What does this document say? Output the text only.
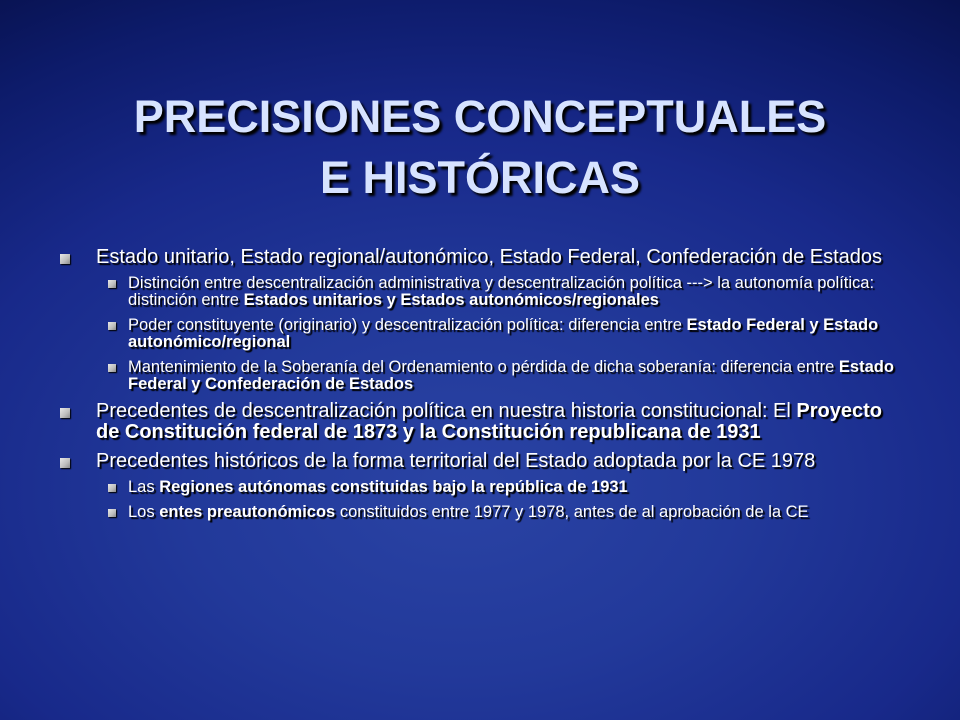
PRECISIONES CONCEPTUALES
E HISTÓRICAS
Estado unitario, Estado regional/autonómico, Estado Federal, Confederación de Estados
Distinción entre descentralización administrativa y descentralización política ---> la autonomía política: distinción entre Estados unitarios y Estados autonómicos/regionales
Poder constituyente (originario) y descentralización política: diferencia entre Estado Federal y Estado autonómico/regional
Mantenimiento de la Soberanía del Ordenamiento o pérdida de dicha soberanía: diferencia entre Estado Federal y Confederación de Estados
Precedentes de descentralización política en nuestra historia constitucional: El Proyecto de Constitución federal de 1873 y la Constitución republicana de 1931
Precedentes históricos de la forma territorial del Estado adoptada por la CE 1978
Las Regiones autónomas constituidas bajo la república de 1931
Los entes preautonómicos constituidos entre 1977 y 1978, antes de al aprobación de la CE
